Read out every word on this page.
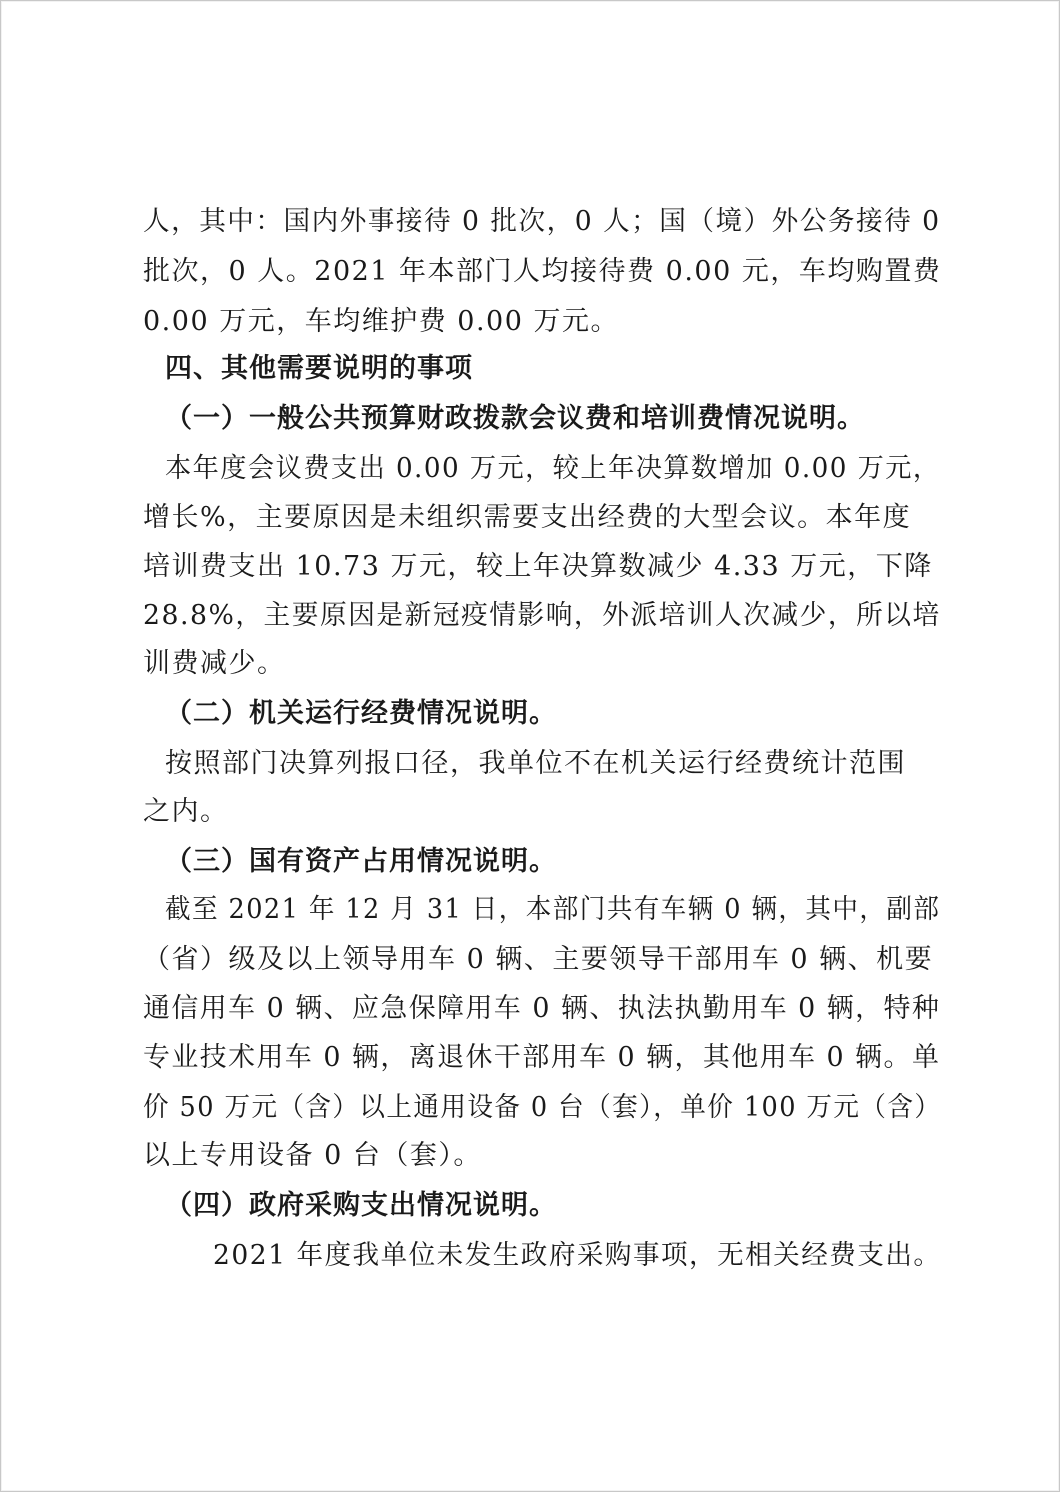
人，其中：国内外事接待 0 批次，0 人；国（境）外公务接待 0
批次，0 人。2021 年本部门人均接待费 0.00 元，车均购置费
0.00 万元，车均维护费 0.00 万元。
四、其他需要说明的事项
（一）一般公共预算财政拨款会议费和培训费情况说明。
本年度会议费支出 0.00 万元，较上年决算数增加 0.00 万元，
增长%，主要原因是未组织需要支出经费的大型会议。本年度
培训费支出 10.73 万元，较上年决算数减少 4.33 万元，下降
28.8%，主要原因是新冠疫情影响，外派培训人次减少，所以培
训费减少。
（二）机关运行经费情况说明。
按照部门决算列报口径，我单位不在机关运行经费统计范围
之内。
（三）国有资产占用情况说明。
截至 2021 年 12 月 31 日，本部门共有车辆 0 辆，其中，副部
（省）级及以上领导用车 0 辆、主要领导干部用车 0 辆、机要
通信用车 0 辆、应急保障用车 0 辆、执法执勤用车 0 辆，特种
专业技术用车 0 辆，离退休干部用车 0 辆，其他用车 0 辆。单
价 50 万元（含）以上通用设备 0 台（套），单价 100 万元（含）
以上专用设备 0 台（套）。
（四）政府采购支出情况说明。
2021 年度我单位未发生政府采购事项，无相关经费支出。
